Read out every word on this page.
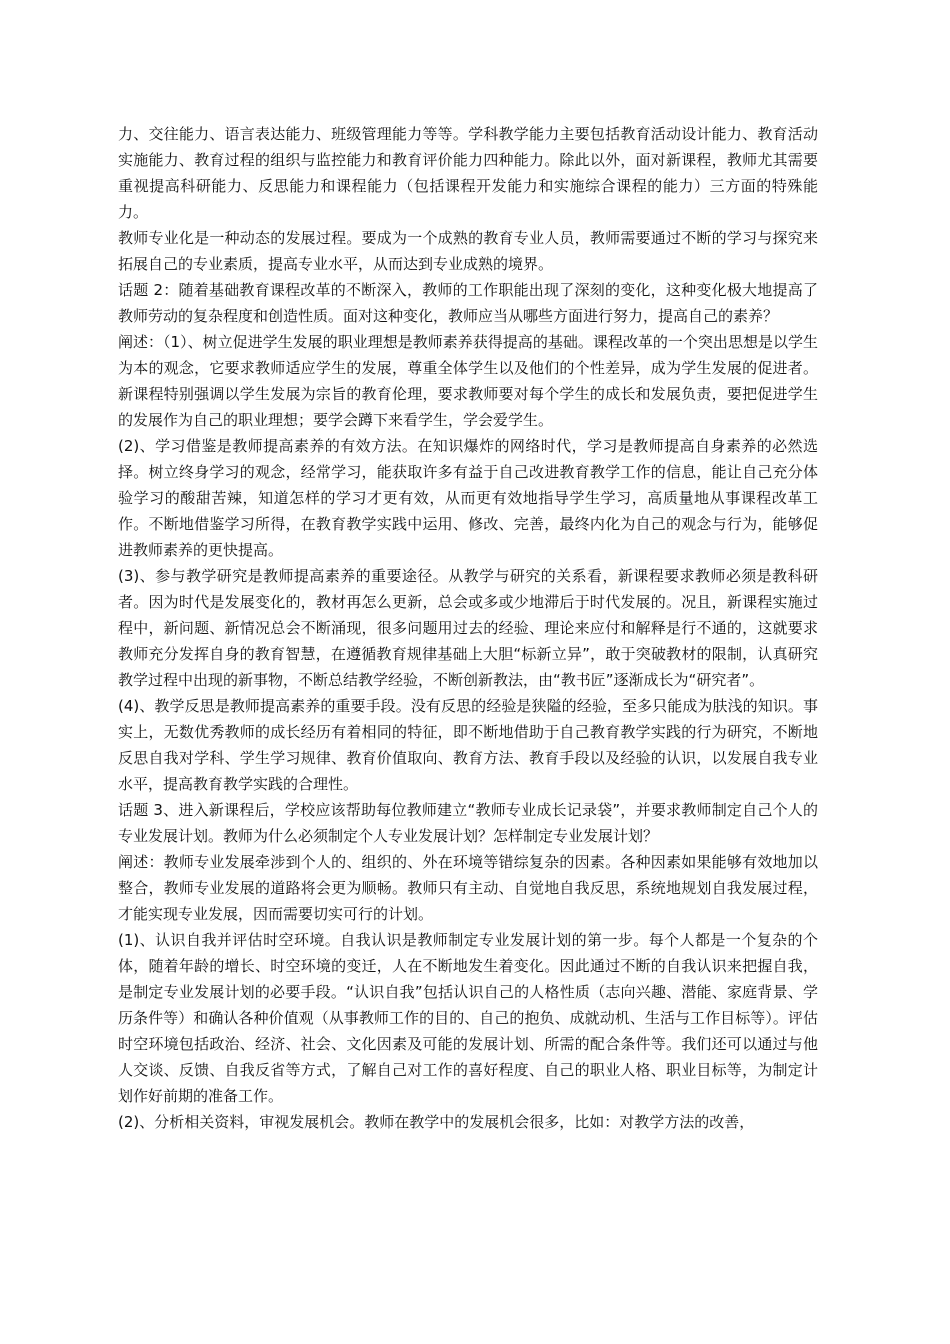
力、交往能力、语言表达能力、班级管理能力等等。学科教学能力主要包括教育活动设计能力、教育活动实施能力、教育过程的组织与监控能力和教育评价能力四种能力。除此以外，面对新课程，教师尤其需要重视提高科研能力、反思能力和课程能力（包括课程开发能力和实施综合课程的能力）三方面的特殊能力。

教师专业化是一种动态的发展过程。要成为一个成熟的教育专业人员，教师需要通过不断的学习与探究来拓展自己的专业素质，提高专业水平，从而达到专业成熟的境界。

话题 2：随着基础教育课程改革的不断深入，教师的工作职能出现了深刻的变化，这种变化极大地提高了教师劳动的复杂程度和创造性质。面对这种变化，教师应当从哪些方面进行努力，提高自己的素养？

阐述：（1）、树立促进学生发展的职业理想是教师素养获得提高的基础。课程改革的一个突出思想是以学生为本的观念，它要求教师适应学生的发展，尊重全体学生以及他们的个性差异，成为学生发展的促进者。新课程特别强调以学生发展为宗旨的教育伦理，要求教师要对每个学生的成长和发展负责，要把促进学生的发展作为自己的职业理想；要学会蹲下来看学生，学会爱学生。

(2)、学习借鉴是教师提高素养的有效方法。在知识爆炸的网络时代，学习是教师提高自身素养的必然选择。树立终身学习的观念，经常学习，能获取许多有益于自己改进教育教学工作的信息，能让自己充分体验学习的酸甜苦辣，知道怎样的学习才更有效，从而更有效地指导学生学习，高质量地从事课程改革工作。不断地借鉴学习所得，在教育教学实践中运用、修改、完善，最终内化为自己的观念与行为，能够促进教师素养的更快提高。

(3)、参与教学研究是教师提高素养的重要途径。从教学与研究的关系看，新课程要求教师必须是教科研者。因为时代是发展变化的，教材再怎么更新，总会或多或少地滞后于时代发展的。况且，新课程实施过程中，新问题、新情况总会不断涌现，很多问题用过去的经验、理论来应付和解释是行不通的，这就要求教师充分发挥自身的教育智慧，在遵循教育规律基础上大胆“标新立异”，敢于突破教材的限制，认真研究教学过程中出现的新事物，不断总结教学经验，不断创新教法，由“教书匠”逐渐成长为“研究者”。

(4)、教学反思是教师提高素养的重要手段。没有反思的经验是狭隘的经验，至多只能成为肤浅的知识。事实上，无数优秀教师的成长经历有着相同的特征，即不断地借助于自己教育教学实践的行为研究，不断地反思自我对学科、学生学习规律、教育价值取向、教育方法、教育手段以及经验的认识，以发展自我专业水平，提高教育教学实践的合理性。

话题 3、进入新课程后，学校应该帮助每位教师建立“教师专业成长记录袋”，并要求教师制定自己个人的专业发展计划。教师为什么必须制定个人专业发展计划？怎样制定专业发展计划？

阐述：教师专业发展牵涉到个人的、组织的、外在环境等错综复杂的因素。各种因素如果能够有效地加以整合，教师专业发展的道路将会更为顺畅。教师只有主动、自觉地自我反思，系统地规划自我发展过程，才能实现专业发展，因而需要切实可行的计划。

(1)、认识自我并评估时空环境。自我认识是教师制定专业发展计划的第一步。每个人都是一个复杂的个体，随着年龄的增长、时空环境的变迁，人在不断地发生着变化。因此通过不断的自我认识来把握自我，是制定专业发展计划的必要手段。“认识自我”包括认识自己的人格性质（志向兴趣、潜能、家庭背景、学历条件等）和确认各种价值观（从事教师工作的目的、自己的抱负、成就动机、生活与工作目标等）。评估时空环境包括政治、经济、社会、文化因素及可能的发展计划、所需的配合条件等。我们还可以通过与他人交谈、反馈、自我反省等方式，了解自己对工作的喜好程度、自己的职业人格、职业目标等，为制定计划作好前期的准备工作。

(2)、分析相关资料，审视发展机会。教师在教学中的发展机会很多，比如：对教学方法的改善，
